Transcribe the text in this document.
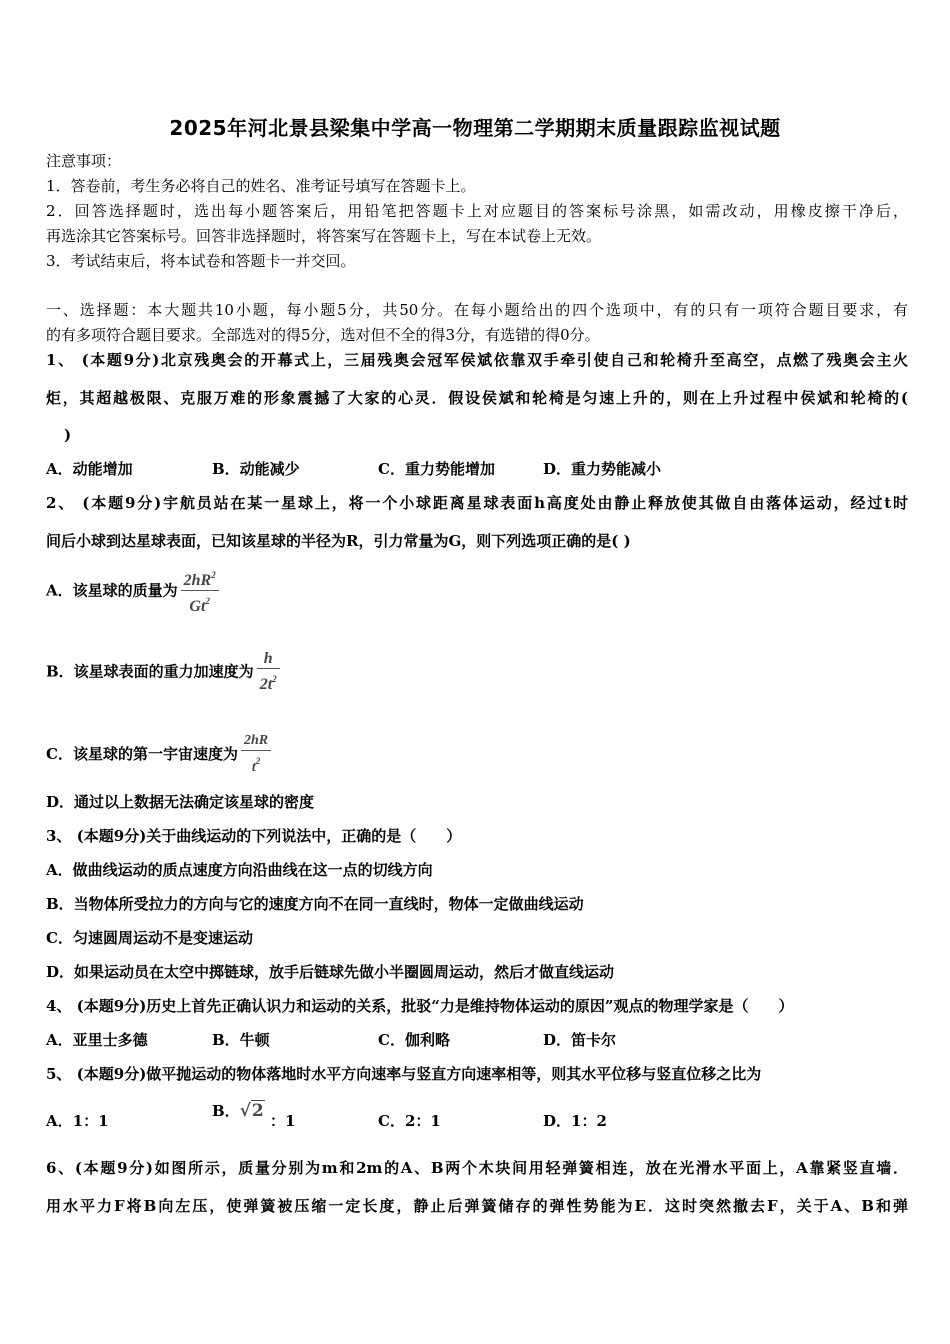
2025年河北景县梁集中学高一物理第二学期期末质量跟踪监视试题
注意事项：
1．答卷前，考生务必将自己的姓名、准考证号填写在答题卡上。
2．回答选择题时，选出每小题答案后，用铅笔把答题卡上对应题目的答案标号涂黑，如需改动，用橡皮擦干净后，
再选涂其它答案标号。回答非选择题时，将答案写在答题卡上，写在本试卷上无效。
3．考试结束后，将本试卷和答题卡一并交回。
一、选择题：本大题共10小题，每小题5分，共50分。在每小题给出的四个选项中，有的只有一项符合题目要求，有
的有多项符合题目要求。全部选对的得5分，选对但不全的得3分，有选错的得0分。
1、 (本题9分)北京残奥会的开幕式上，三届残奥会冠军侯斌依靠双手牵引使自己和轮椅升至高空，点燃了残奥会主火
炬，其超越极限、克服万难的形象震撼了大家的心灵．假设侯斌和轮椅是匀速上升的，则在上升过程中侯斌和轮椅的(
)
A．动能增加	B．动能减少	C．重力势能增加	D．重力势能减小
2、 (本题9分)宇航员站在某一星球上，将一个小球距离星球表面h高度处由静止释放使其做自由落体运动，经过t时
间后小球到达星球表面，已知该星球的半径为R，引力常量为G，则下列选项正确的是( )
A．该星球的质量为 $\frac{2hR^2}{Gt^2}$
B．该星球表面的重力加速度为 $\frac{h}{2t^2}$
C．该星球的第一宇宙速度为 $\frac{2hR}{t^2}$
D．通过以上数据无法确定该星球的密度
3、 (本题9分)关于曲线运动的下列说法中，正确的是（　　）
A．做曲线运动的质点速度方向沿曲线在这一点的切线方向
B．当物体所受拉力的方向与它的速度方向不在同一直线时，物体一定做曲线运动
C．匀速圆周运动不是变速运动
D．如果运动员在太空中掷链球，放手后链球先做小半圈圆周运动，然后才做直线运动
4、 (本题9分)历史上首先正确认识力和运动的关系，批驳“力是维持物体运动的原因”观点的物理学家是（　　）
A．亚里士多德	B．牛顿	C．伽利略	D．笛卡尔
5、 (本题9分)做平抛运动的物体落地时水平方向速率与竖直方向速率相等，则其水平位移与竖直位移之比为
A．1：1
B．√2 ：1	C．2：1	D．1：2
6、(本题9分)如图所示，质量分别为m和2m的A、B两个木块间用轻弹簧相连，放在光滑水平面上，A靠紧竖直墙．
用水平力F将B向左压，使弹簧被压缩一定长度，静止后弹簧储存的弹性势能为E．这时突然撤去F，关于A、B和弹
